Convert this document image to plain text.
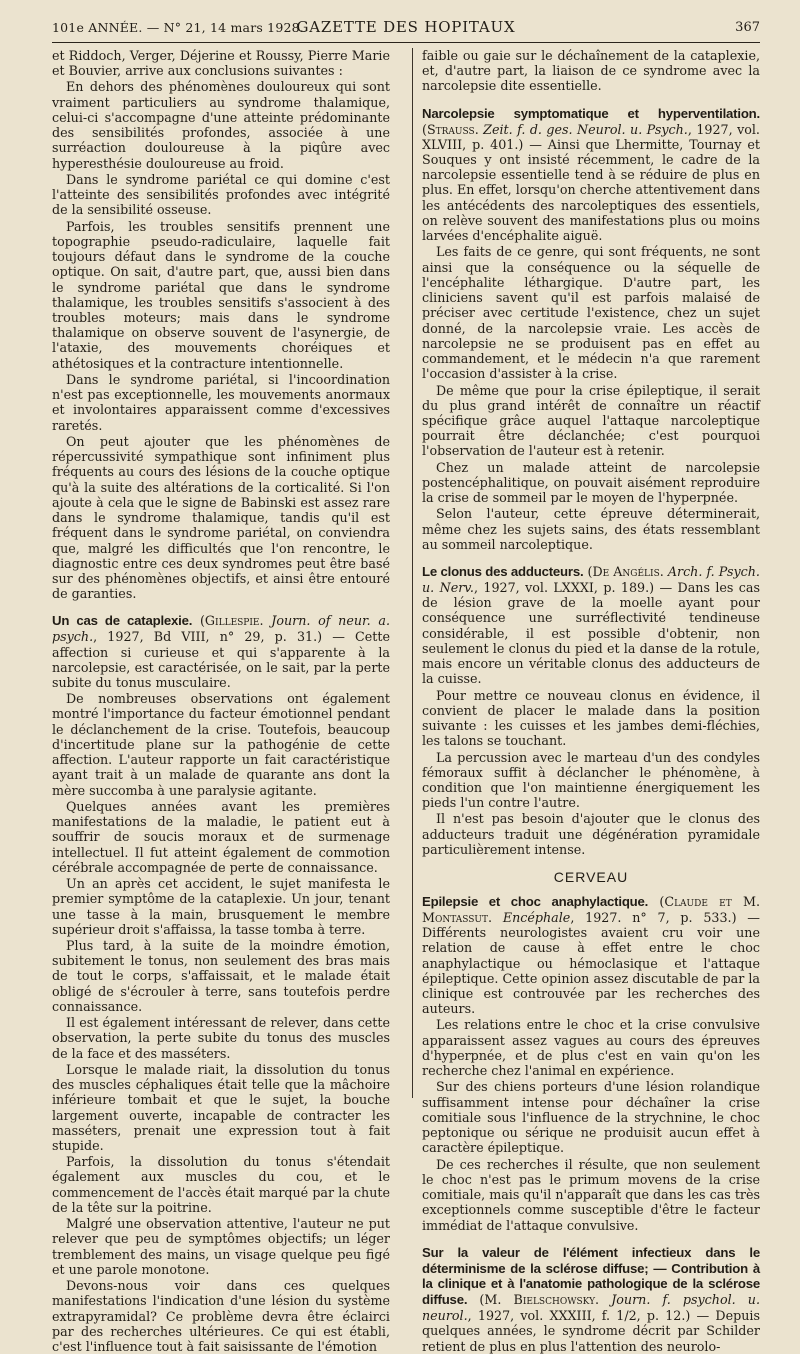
101e ANNÉE. — N° 21, 14 mars 1928.
GAZETTE DES HOPITAUX	367

et Riddoch, Verger, Déjerine et Roussy, Pierre Marie et Bouvier, arrive aux conclusions suivantes :

En dehors des phénomènes douloureux qui sont vraiment particuliers au syndrome thalamique, celui-ci s'accompagne d'une atteinte prédominante des sensibilités profondes, associée à une surréaction douloureuse à la piqûre avec hyperesthésie douloureuse au froid.

Dans le syndrome pariétal ce qui domine c'est l'atteinte des sensibilités profondes avec intégrité de la sensibilité osseuse.

Parfois, les troubles sensitifs prennent une topographie pseudo-radiculaire, laquelle fait toujours défaut dans le syndrome de la couche optique. On sait, d'autre part, que, aussi bien dans le syndrome pariétal que dans le syndrome thalamique, les troubles sensitifs s'associent à des troubles moteurs; mais dans le syndrome thalamique on observe souvent de l'asynergie, de l'ataxie, des mouvements choréiques et athétosiques et la contracture intentionnelle.

Dans le syndrome pariétal, si l'incoordination n'est pas exceptionnelle, les mouvements anormaux et involontaires apparaissent comme d'excessives raretés.

On peut ajouter que les phénomènes de répercussivité sympathique sont infiniment plus fréquents au cours des lésions de la couche optique qu'à la suite des altérations de la corticalité. Si l'on ajoute à cela que le signe de Babinski est assez rare dans le syndrome thalamique, tandis qu'il est fréquent dans le syndrome pariétal, on conviendra que, malgré les difficultés que l'on rencontre, le diagnostic entre ces deux syndromes peut être basé sur des phénomènes objectifs, et ainsi être entouré de garanties.

Un cas de cataplexie. (Gillespie. Journ. of neur. a. psych., 1927, Bd VIII, n° 29, p. 31.) — Cette affection si curieuse et qui s'apparente à la narcolepsie, est caractérisée, on le sait, par la perte subite du tonus musculaire.

De nombreuses observations ont également montré l'importance du facteur émotionnel pendant le déclanchement de la crise. Toutefois, beaucoup d'incertitude plane sur la pathogénie de cette affection. L'auteur rapporte un fait caractéristique ayant trait à un malade de quarante ans dont la mère succomba à une paralysie agitante.

Quelques années avant les premières manifestations de la maladie, le patient eut à souffrir de soucis moraux et de surmenage intellectuel. Il fut atteint également de commotion cérébrale accompagnée de perte de connaissance.

Un an après cet accident, le sujet manifesta le premier symptôme de la cataplexie. Un jour, tenant une tasse à la main, brusquement le membre supérieur droit s'affaissa, la tasse tomba à terre.

Plus tard, à la suite de la moindre émotion, subitement le tonus, non seulement des bras mais de tout le corps, s'affaissait, et le malade était obligé de s'écrouler à terre, sans toutefois perdre connaissance.

Il est également intéressant de relever, dans cette observation, la perte subite du tonus des muscles de la face et des masséters.

Lorsque le malade riait, la dissolution du tonus des muscles céphaliques était telle que la mâchoire inférieure tombait et que le sujet, la bouche largement ouverte, incapable de contracter les masséters, prenait une expression tout à fait stupide.

Parfois, la dissolution du tonus s'étendait également aux muscles du cou, et le commencement de l'accès était marqué par la chute de la tête sur la poitrine.

Malgré une observation attentive, l'auteur ne put relever que peu de symptômes objectifs; un léger tremblement des mains, un visage quelque peu figé et une parole monotone.

Devons-nous voir dans ces quelques manifestations l'indication d'une lésion du système extrapyramidal? Ce problème devra être éclairci par des recherches ultérieures. Ce qui est établi, c'est l'influence tout à fait saisissante de l'émotion

faible ou gaie sur le déchaînement de la cataplexie, et, d'autre part, la liaison de ce syndrome avec la narcolepsie dite essentielle.

Narcolepsie symptomatique et hyperventilation. (Strauss. Zeit. f. d. ges. Neurol. u. Psych., 1927, vol. XLVIII, p. 401.) — Ainsi que Lhermitte, Tournay et Souques y ont insisté récemment, le cadre de la narcolepsie essentielle tend à se réduire de plus en plus. En effet, lorsqu'on cherche attentivement dans les antécédents des narcoleptiques des essentiels, on relève souvent des manifestations plus ou moins larvées d'encéphalite aiguë.

Les faits de ce genre, qui sont fréquents, ne sont ainsi que la conséquence ou la séquelle de l'encéphalite léthargique. D'autre part, les cliniciens savent qu'il est parfois malaisé de préciser avec certitude l'existence, chez un sujet donné, de la narcolepsie vraie. Les accès de narcolepsie ne se produisent pas en effet au commandement, et le médecin n'a que rarement l'occasion d'assister à la crise.

De même que pour la crise épileptique, il serait du plus grand intérêt de connaître un réactif spécifique grâce auquel l'attaque narcoleptique pourrait être déclanchée; c'est pourquoi l'observation de l'auteur est à retenir.

Chez un malade atteint de narcolepsie postencéphalitique, on pouvait aisément reproduire la crise de sommeil par le moyen de l'hyperpnée.

Selon l'auteur, cette épreuve déterminerait, même chez les sujets sains, des états ressemblant au sommeil narcoleptique.

Le clonus des adducteurs. (De Angélis. Arch. f. Psych. u. Nerv., 1927, vol. LXXXI, p. 189.) — Dans les cas de lésion grave de la moelle ayant pour conséquence une surréflectivité tendineuse considérable, il est possible d'obtenir, non seulement le clonus du pied et la danse de la rotule, mais encore un véritable clonus des adducteurs de la cuisse.

Pour mettre ce nouveau clonus en évidence, il convient de placer le malade dans la position suivante : les cuisses et les jambes demi-fléchies, les talons se touchant.

La percussion avec le marteau d'un des condyles fémoraux suffit à déclancher le phénomène, à condition que l'on maintienne énergiquement les pieds l'un contre l'autre.

Il n'est pas besoin d'ajouter que le clonus des adducteurs traduit une dégénération pyramidale particulièrement intense.

CERVEAU

Epilepsie et choc anaphylactique. (Claude et M. Montassut. Encéphale, 1927. n° 7, p. 533.) — Différents neurologistes avaient cru voir une relation de cause à effet entre le choc anaphylactique ou hémoclasique et l'attaque épileptique. Cette opinion assez discutable de par la clinique est controuvée par les recherches des auteurs.

Les relations entre le choc et la crise convulsive apparaissent assez vagues au cours des épreuves d'hyperpnée, et de plus c'est en vain qu'on les recherche chez l'animal en expérience.

Sur des chiens porteurs d'une lésion rolandique suffisamment intense pour déchaîner la crise comitiale sous l'influence de la strychnine, le choc peptonique ou sérique ne produisit aucun effet à caractère épileptique.

De ces recherches il résulte, que non seulement le choc n'est pas le primum movens de la crise comitiale, mais qu'il n'apparaît que dans les cas très exceptionnels comme susceptible d'être le facteur immédiat de l'attaque convulsive.

Sur la valeur de l'élément infectieux dans le déterminisme de la sclérose diffuse; — Contribution à la clinique et à l'anatomie pathologique de la sclérose diffuse. (M. Bielschowsky. Journ. f. psychol. u. neurol., 1927, vol. XXXIII, f. 1/2, p. 12.) — Depuis quelques années, le syndrome décrit par Schilder retient de plus en plus l'attention des neurolo-
